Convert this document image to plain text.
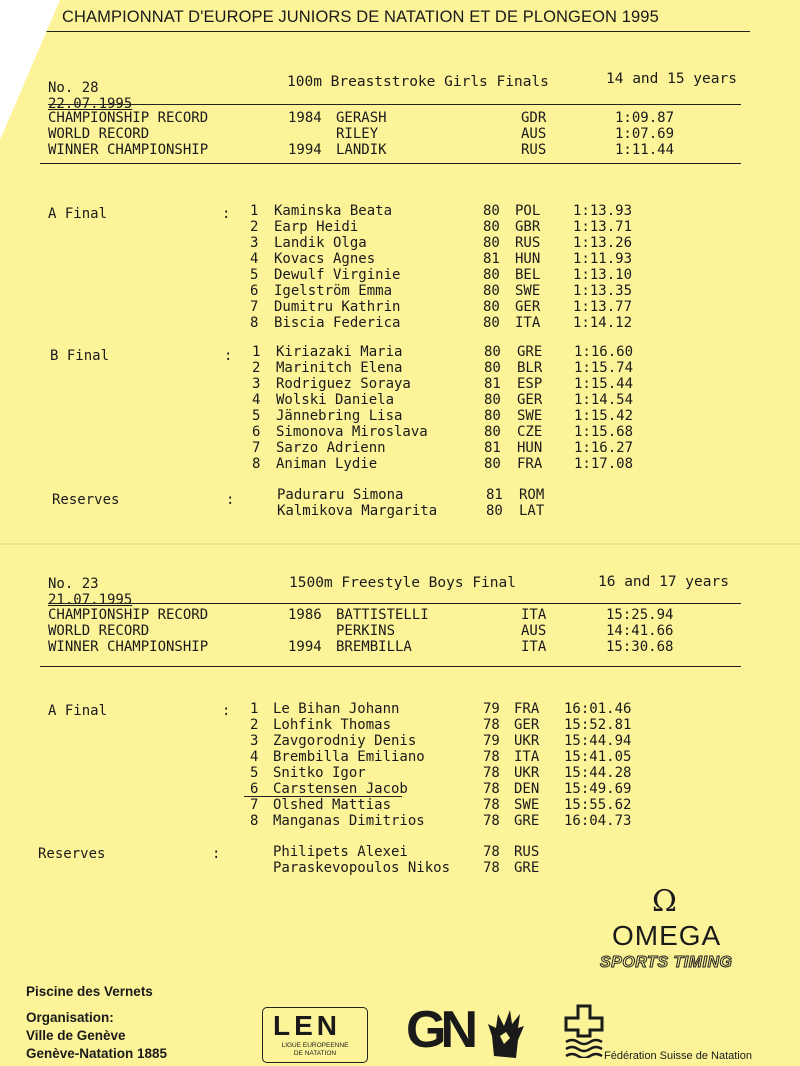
CHAMPIONNAT D'EUROPE JUNIORS DE NATATION ET DE PLONGEON 1995
No. 28
22.07.1995
100m Breaststroke Girls Finals	14 and 15 years
CHAMPIONSHIP RECORD	1984 GERASH	GDR	1:09.87
WORLD RECORD	RILEY	AUS	1:07.69
WINNER CHAMPIONSHIP	1994 LANDIK	RUS	1:11.44
A Final	: 1 Kaminska Beata	80 POL 1:13.93
2 Earp Heidi	80 GBR 1:13.71
3 Landik Olga	80 RUS 1:13.26
4 Kovacs Agnes	81 HUN 1:11.93
5 Dewulf Virginie	80 BEL 1:13.10
6 Igelström Emma	80 SWE 1:13.35
7 Dumitru Kathrin	80 GER 1:13.77
8 Biscia Federica	80 ITA 1:14.12
B Final	: 1 Kiriazaki Maria	80 GRE 1:16.60
2 Marinitch Elena	80 BLR 1:15.74
3 Rodriguez Soraya	81 ESP 1:15.44
4 Wolski Daniela	80 GER 1:14.54
5 Jännebring Lisa	80 SWE 1:15.42
6 Simonova Miroslava	80 CZE 1:15.68
7 Sarzo Adrienn	81 HUN 1:16.27
8 Animan Lydie	80 FRA 1:17.08
Reserves	:	Paduraru Simona	81 ROM
Kalmikova Margarita	80 LAT
No. 23
21.07.1995
1500m Freestyle Boys Final	16 and 17 years
CHAMPIONSHIP RECORD	1986 BATTISTELLI	ITA	15:25.94
WORLD RECORD	PERKINS	AUS	14:41.66
WINNER CHAMPIONSHIP	1994 BREMBILLA	ITA	15:30.68
A Final	: 1 Le Bihan Johann	79 FRA 16:01.46
2 Lohfink Thomas	78 GER 15:52.81
3 Zavgorodniy Denis	79 UKR 15:44.94
4 Brembilla Emiliano	78 ITA 15:41.05
5 Snitko Igor	78 UKR 15:44.28
6 Carstensen Jacob	78 DEN 15:49.69
7 Olshed Mattias	78 SWE 15:55.62
8 Manganas Dimitrios	78 GRE 16:04.73
Reserves	:	Philipets Alexei	78 RUS
Paraskevopoulos Nikos 78 GRE
Ω
OMEGA
SPORTS TIMING
Piscine des Vernets
Organisation:
Ville de Genève
Genève-Natation 1885
LEN
LIGUE EUROPEENNE
DE NATATION	GN	Fédération Suisse de Natation
